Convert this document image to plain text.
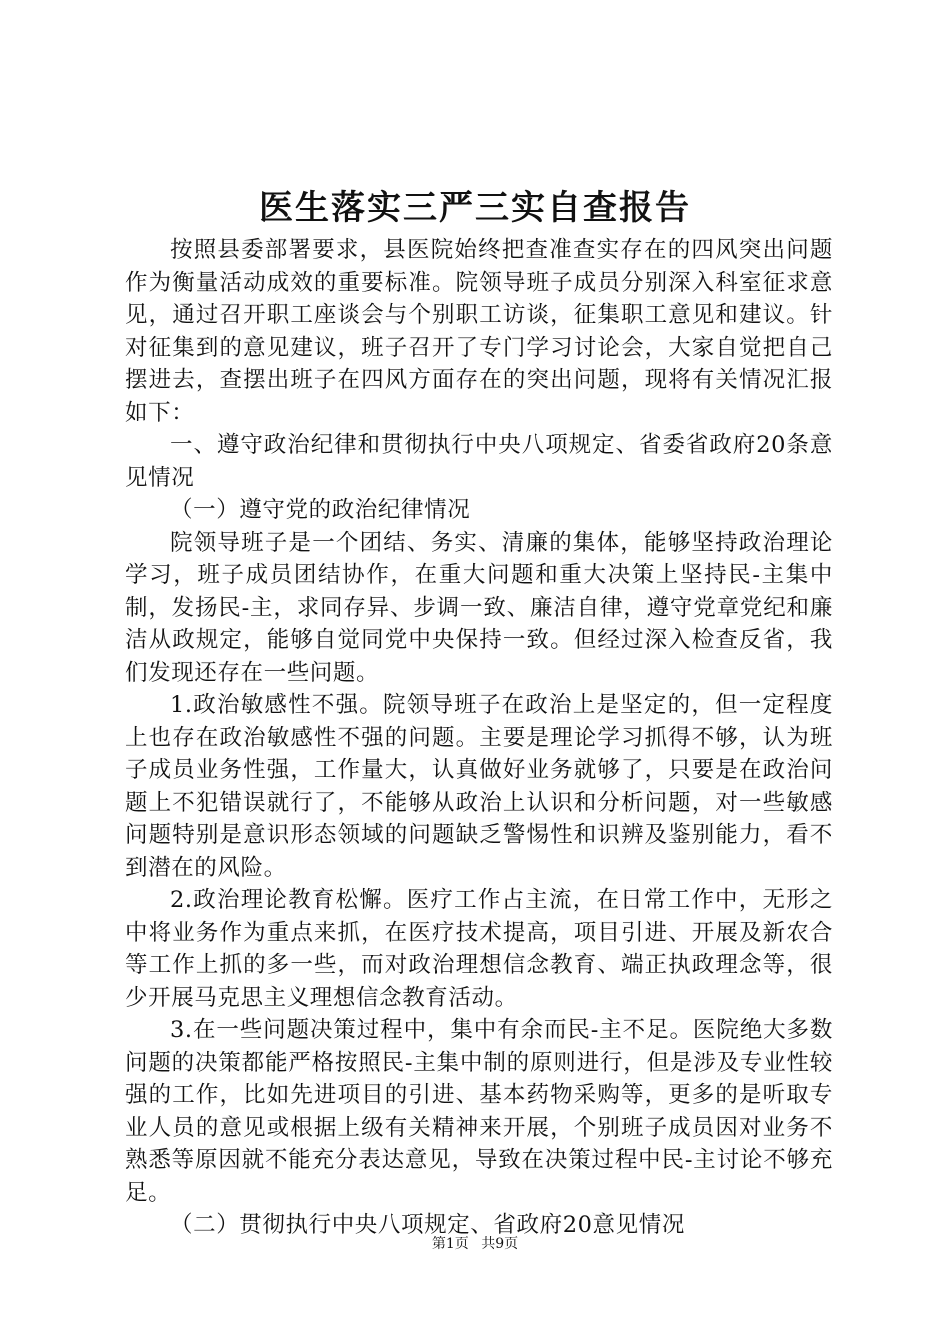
医生落实三严三实自查报告

按照县委部署要求，县医院始终把查准查实存在的四风突出问题作为衡量活动成效的重要标准。院领导班子成员分别深入科室征求意见，通过召开职工座谈会与个别职工访谈，征集职工意见和建议。针对征集到的意见建议，班子召开了专门学习讨论会，大家自觉把自己摆进去，查摆出班子在四风方面存在的突出问题，现将有关情况汇报如下：

一、遵守政治纪律和贯彻执行中央八项规定、省委省政府20条意见情况

（一）遵守党的政治纪律情况

院领导班子是一个团结、务实、清廉的集体，能够坚持政治理论学习，班子成员团结协作，在重大问题和重大决策上坚持民-主集中制，发扬民-主，求同存异、步调一致、廉洁自律，遵守党章党纪和廉洁从政规定，能够自觉同党中央保持一致。但经过深入检查反省，我们发现还存在一些问题。

1.政治敏感性不强。院领导班子在政治上是坚定的，但一定程度上也存在政治敏感性不强的问题。主要是理论学习抓得不够，认为班子成员业务性强，工作量大，认真做好业务就够了，只要是在政治问题上不犯错误就行了，不能够从政治上认识和分析问题，对一些敏感问题特别是意识形态领域的问题缺乏警惕性和识辨及鉴别能力，看不到潜在的风险。

2.政治理论教育松懈。医疗工作占主流，在日常工作中，无形之中将业务作为重点来抓，在医疗技术提高，项目引进、开展及新农合等工作上抓的多一些，而对政治理想信念教育、端正执政理念等，很少开展马克思主义理想信念教育活动。

3.在一些问题决策过程中，集中有余而民-主不足。医院绝大多数问题的决策都能严格按照民-主集中制的原则进行，但是涉及专业性较强的工作，比如先进项目的引进、基本药物采购等，更多的是听取专业人员的意见或根据上级有关精神来开展，个别班子成员因对业务不熟悉等原因就不能充分表达意见，导致在决策过程中民-主讨论不够充足。

（二）贯彻执行中央八项规定、省政府20意见情况

第1页 共9页
